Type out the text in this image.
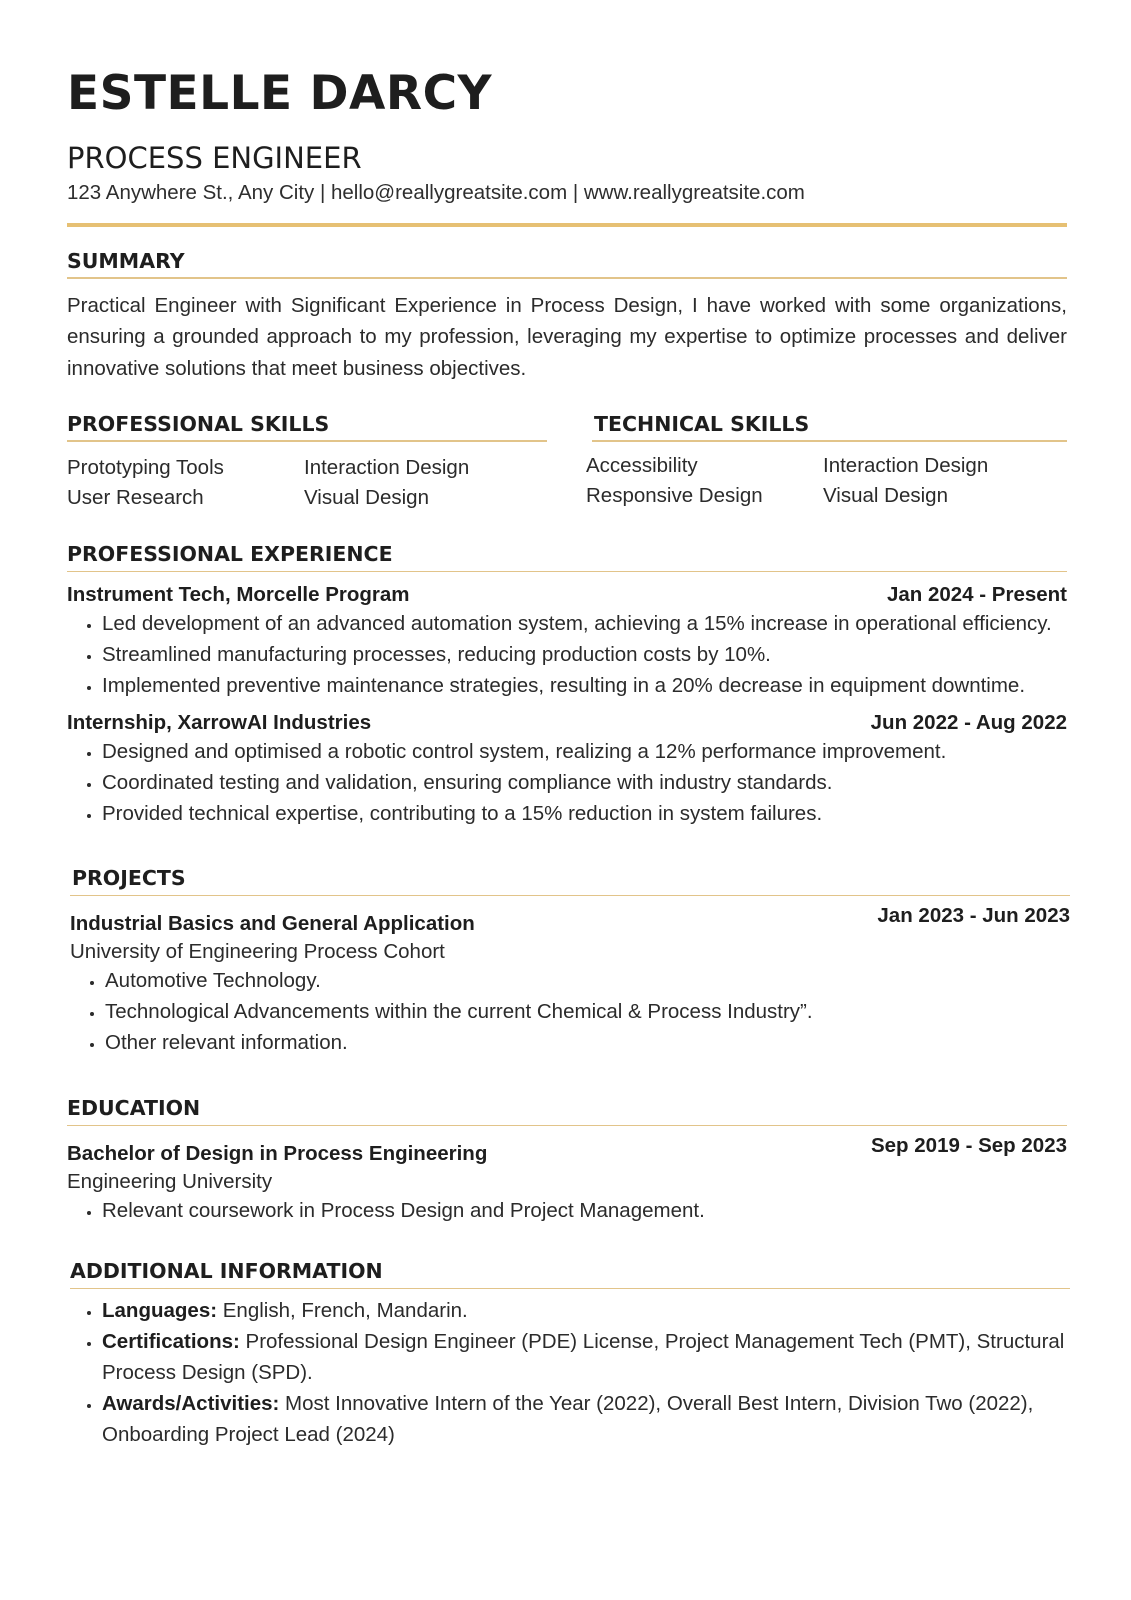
ESTELLE DARCY
PROCESS ENGINEER
123 Anywhere St., Any City | hello@reallygreatsite.com | www.reallygreatsite.com
SUMMARY
Practical Engineer with Significant Experience in Process Design, I have worked with some organizations, ensuring a grounded approach to my profession, leveraging my expertise to optimize processes and deliver innovative solutions that meet business objectives.
PROFESSIONAL SKILLS
Prototyping Tools	Interaction Design
User Research	Visual Design
TECHNICAL SKILLS
Accessibility	Interaction Design
Responsive Design	Visual Design
PROFESSIONAL EXPERIENCE
Instrument Tech, Morcelle Program	Jan 2024 - Present
• Led development of an advanced automation system, achieving a 15% increase in operational efficiency.
• Streamlined manufacturing processes, reducing production costs by 10%.
• Implemented preventive maintenance strategies, resulting in a 20% decrease in equipment downtime.
Internship, XarrowAI Industries	Jun 2022 - Aug 2022
• Designed and optimised a robotic control system, realizing a 12% performance improvement.
• Coordinated testing and validation, ensuring compliance with industry standards.
• Provided technical expertise, contributing to a 15% reduction in system failures.
PROJECTS
Industrial Basics and General Application	Jan 2023 - Jun 2023
University of Engineering Process Cohort
• Automotive Technology.
• Technological Advancements within the current Chemical & Process Industry”.
• Other relevant information.
EDUCATION
Bachelor of Design in Process Engineering	Sep 2019 - Sep 2023
Engineering University
• Relevant coursework in Process Design and Project Management.
ADDITIONAL INFORMATION
• Languages: English, French, Mandarin.
• Certifications: Professional Design Engineer (PDE) License, Project Management Tech (PMT), Structural Process Design (SPD).
• Awards/Activities: Most Innovative Intern of the Year (2022), Overall Best Intern, Division Two (2022), Onboarding Project Lead (2024)
